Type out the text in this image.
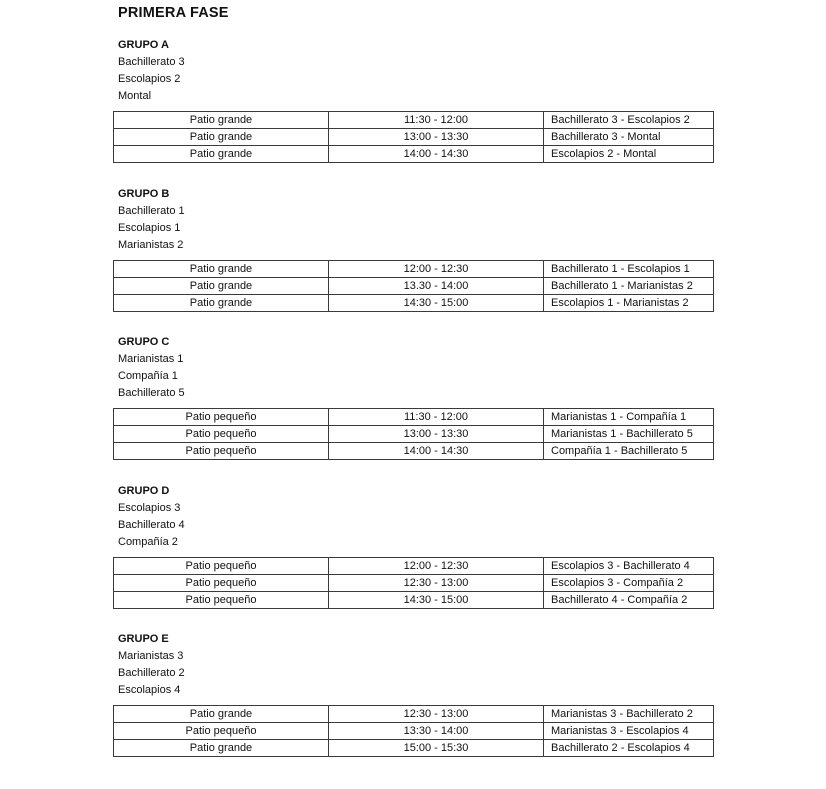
PRIMERA FASE
GRUPO A
Bachillerato 3
Escolapios 2
Montal
Patio grande	11:30 - 12:00	Bachillerato 3 - Escolapios 2
Patio grande	13:00 - 13:30	Bachillerato 3 - Montal
Patio grande	14:00 - 14:30	Escolapios 2 - Montal
GRUPO B
Bachillerato 1
Escolapios 1
Marianistas 2
Patio grande	12:00 - 12:30	Bachillerato 1 - Escolapios 1
Patio grande	13.30 - 14:00	Bachillerato 1 - Marianistas 2
Patio grande	14:30 - 15:00	Escolapios 1 - Marianistas 2
GRUPO C
Marianistas 1
Compañía 1
Bachillerato 5
Patio pequeño	11:30 - 12:00	Marianistas 1 - Compañía 1
Patio pequeño	13:00 - 13:30	Marianistas 1 - Bachillerato 5
Patio pequeño	14:00 - 14:30	Compañía 1 - Bachillerato 5
GRUPO D
Escolapios 3
Bachillerato 4
Compañía 2
Patio pequeño	12:00 - 12:30	Escolapios 3 - Bachillerato 4
Patio pequeño	12:30 - 13:00	Escolapios 3 - Compañía 2
Patio pequeño	14:30 - 15:00	Bachillerato 4 - Compañía 2
GRUPO E
Marianistas 3
Bachillerato 2
Escolapios 4
Patio grande	12:30 - 13:00	Marianistas 3 - Bachillerato 2
Patio pequeño	13:30 - 14:00	Marianistas 3 - Escolapios 4
Patio grande	15:00 - 15:30	Bachillerato 2 - Escolapios 4
